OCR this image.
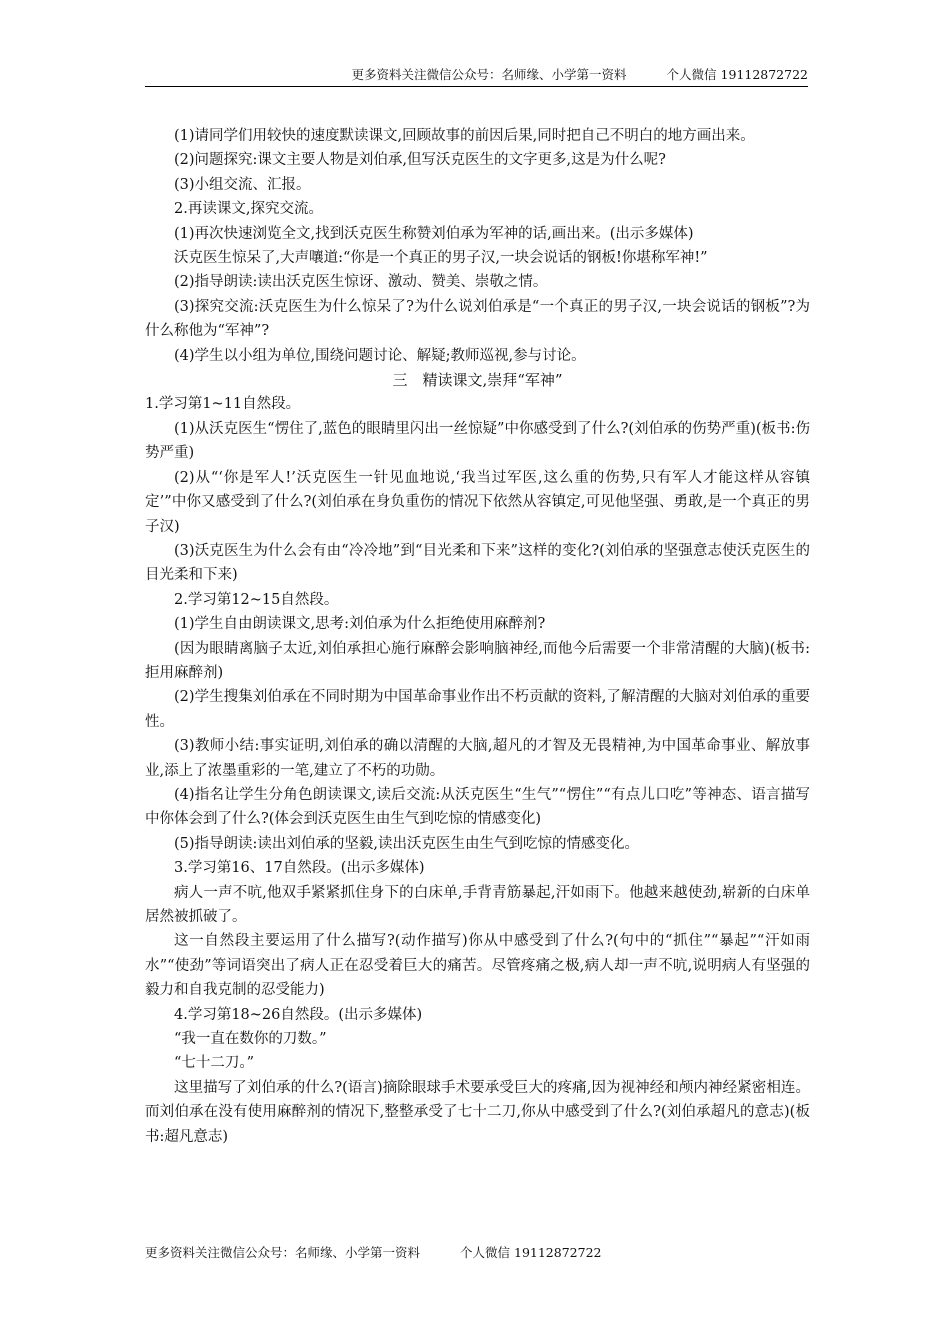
更多资料关注微信公众号：名师缘、小学第一资料	个人微信 19112872722

(1)请同学们用较快的速度默读课文,回顾故事的前因后果,同时把自己不明白的地方画出来。

(2)问题探究:课文主要人物是刘伯承,但写沃克医生的文字更多,这是为什么呢?

(3)小组交流、汇报。

2.再读课文,探究交流。

(1)再次快速浏览全文,找到沃克医生称赞刘伯承为军神的话,画出来。(出示多媒体)

沃克医生惊呆了,大声嚷道:“你是一个真正的男子汉,一块会说话的钢板!你堪称军神!”

(2)指导朗读:读出沃克医生惊讶、激动、赞美、崇敬之情。

(3)探究交流:沃克医生为什么惊呆了?为什么说刘伯承是“一个真正的男子汉,一块会说话的钢板”?为什么称他为“军神”?

(4)学生以小组为单位,围绕问题讨论、解疑;教师巡视,参与讨论。

三　精读课文,崇拜“军神”

1.学习第1~11自然段。

(1)从沃克医生“愣住了,蓝色的眼睛里闪出一丝惊疑”中你感受到了什么?(刘伯承的伤势严重)(板书:伤势严重)

(2)从“‘你是军人!’沃克医生一针见血地说,‘我当过军医,这么重的伤势,只有军人才能这样从容镇定’”中你又感受到了什么?(刘伯承在身负重伤的情况下依然从容镇定,可见他坚强、勇敢,是一个真正的男子汉)

(3)沃克医生为什么会有由“冷冷地”到“目光柔和下来”这样的变化?(刘伯承的坚强意志使沃克医生的目光柔和下来)

2.学习第12~15自然段。

(1)学生自由朗读课文,思考:刘伯承为什么拒绝使用麻醉剂?

(因为眼睛离脑子太近,刘伯承担心施行麻醉会影响脑神经,而他今后需要一个非常清醒的大脑)(板书:拒用麻醉剂)

(2)学生搜集刘伯承在不同时期为中国革命事业作出不朽贡献的资料,了解清醒的大脑对刘伯承的重要性。

(3)教师小结:事实证明,刘伯承的确以清醒的大脑,超凡的才智及无畏精神,为中国革命事业、解放事业,添上了浓墨重彩的一笔,建立了不朽的功勋。

(4)指名让学生分角色朗读课文,读后交流:从沃克医生“生气”“愣住”“有点儿口吃”等神态、语言描写中你体会到了什么?(体会到沃克医生由生气到吃惊的情感变化)

(5)指导朗读:读出刘伯承的坚毅,读出沃克医生由生气到吃惊的情感变化。

3.学习第16、17自然段。(出示多媒体)

病人一声不吭,他双手紧紧抓住身下的白床单,手背青筋暴起,汗如雨下。他越来越使劲,崭新的白床单居然被抓破了。

这一自然段主要运用了什么描写?(动作描写)你从中感受到了什么?(句中的“抓住”“暴起”“汗如雨水”“使劲”等词语突出了病人正在忍受着巨大的痛苦。尽管疼痛之极,病人却一声不吭,说明病人有坚强的毅力和自我克制的忍受能力)

4.学习第18~26自然段。(出示多媒体)

“我一直在数你的刀数。”

“七十二刀。”

这里描写了刘伯承的什么?(语言)摘除眼球手术要承受巨大的疼痛,因为视神经和颅内神经紧密相连。而刘伯承在没有使用麻醉剂的情况下,整整承受了七十二刀,你从中感受到了什么?(刘伯承超凡的意志)(板书:超凡意志)

更多资料关注微信公众号：名师缘、小学第一资料	个人微信 19112872722
